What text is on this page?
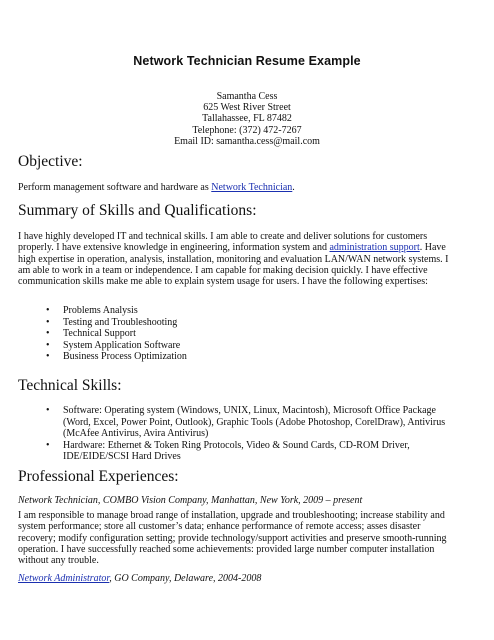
Network Technician Resume Example
Samantha Cess
625 West River Street
Tallahassee, FL 87482
Telephone: (372) 472-7267
Email ID: samantha.cess@mail.com
Objective:
Perform management software and hardware as Network Technician.
Summary of Skills and Qualifications:
I have highly developed IT and technical skills. I am able to create and deliver solutions for customers properly. I have extensive knowledge in engineering, information system and administration support. Have high expertise in operation, analysis, installation, monitoring and evaluation LAN/WAN network systems. I am able to work in a team or independence. I am capable for making decision quickly. I have effective communication skills make me able to explain system usage for users. I have the following expertises:
• Problems Analysis
• Testing and Troubleshooting
• Technical Support
• System Application Software
• Business Process Optimization
Technical Skills:
• Software: Operating system (Windows, UNIX, Linux, Macintosh), Microsoft Office Package (Word, Excel, Power Point, Outlook), Graphic Tools (Adobe Photoshop, CorelDraw), Antivirus (McAfee Antivirus, Avira Antivirus)
• Hardware: Ethernet & Token Ring Protocols, Video & Sound Cards, CD-ROM Driver, IDE/EIDE/SCSI Hard Drives
Professional Experiences:
Network Technician, COMBO Vision Company, Manhattan, New York, 2009 – present
I am responsible to manage broad range of installation, upgrade and troubleshooting; increase stability and system performance; store all customer’s data; enhance performance of remote access; asses disaster recovery; modify configuration setting; provide technology/support activities and preserve smooth-running operation. I have successfully reached some achievements: provided large number computer installation without any trouble.
Network Administrator, GO Company, Delaware, 2004-2008
